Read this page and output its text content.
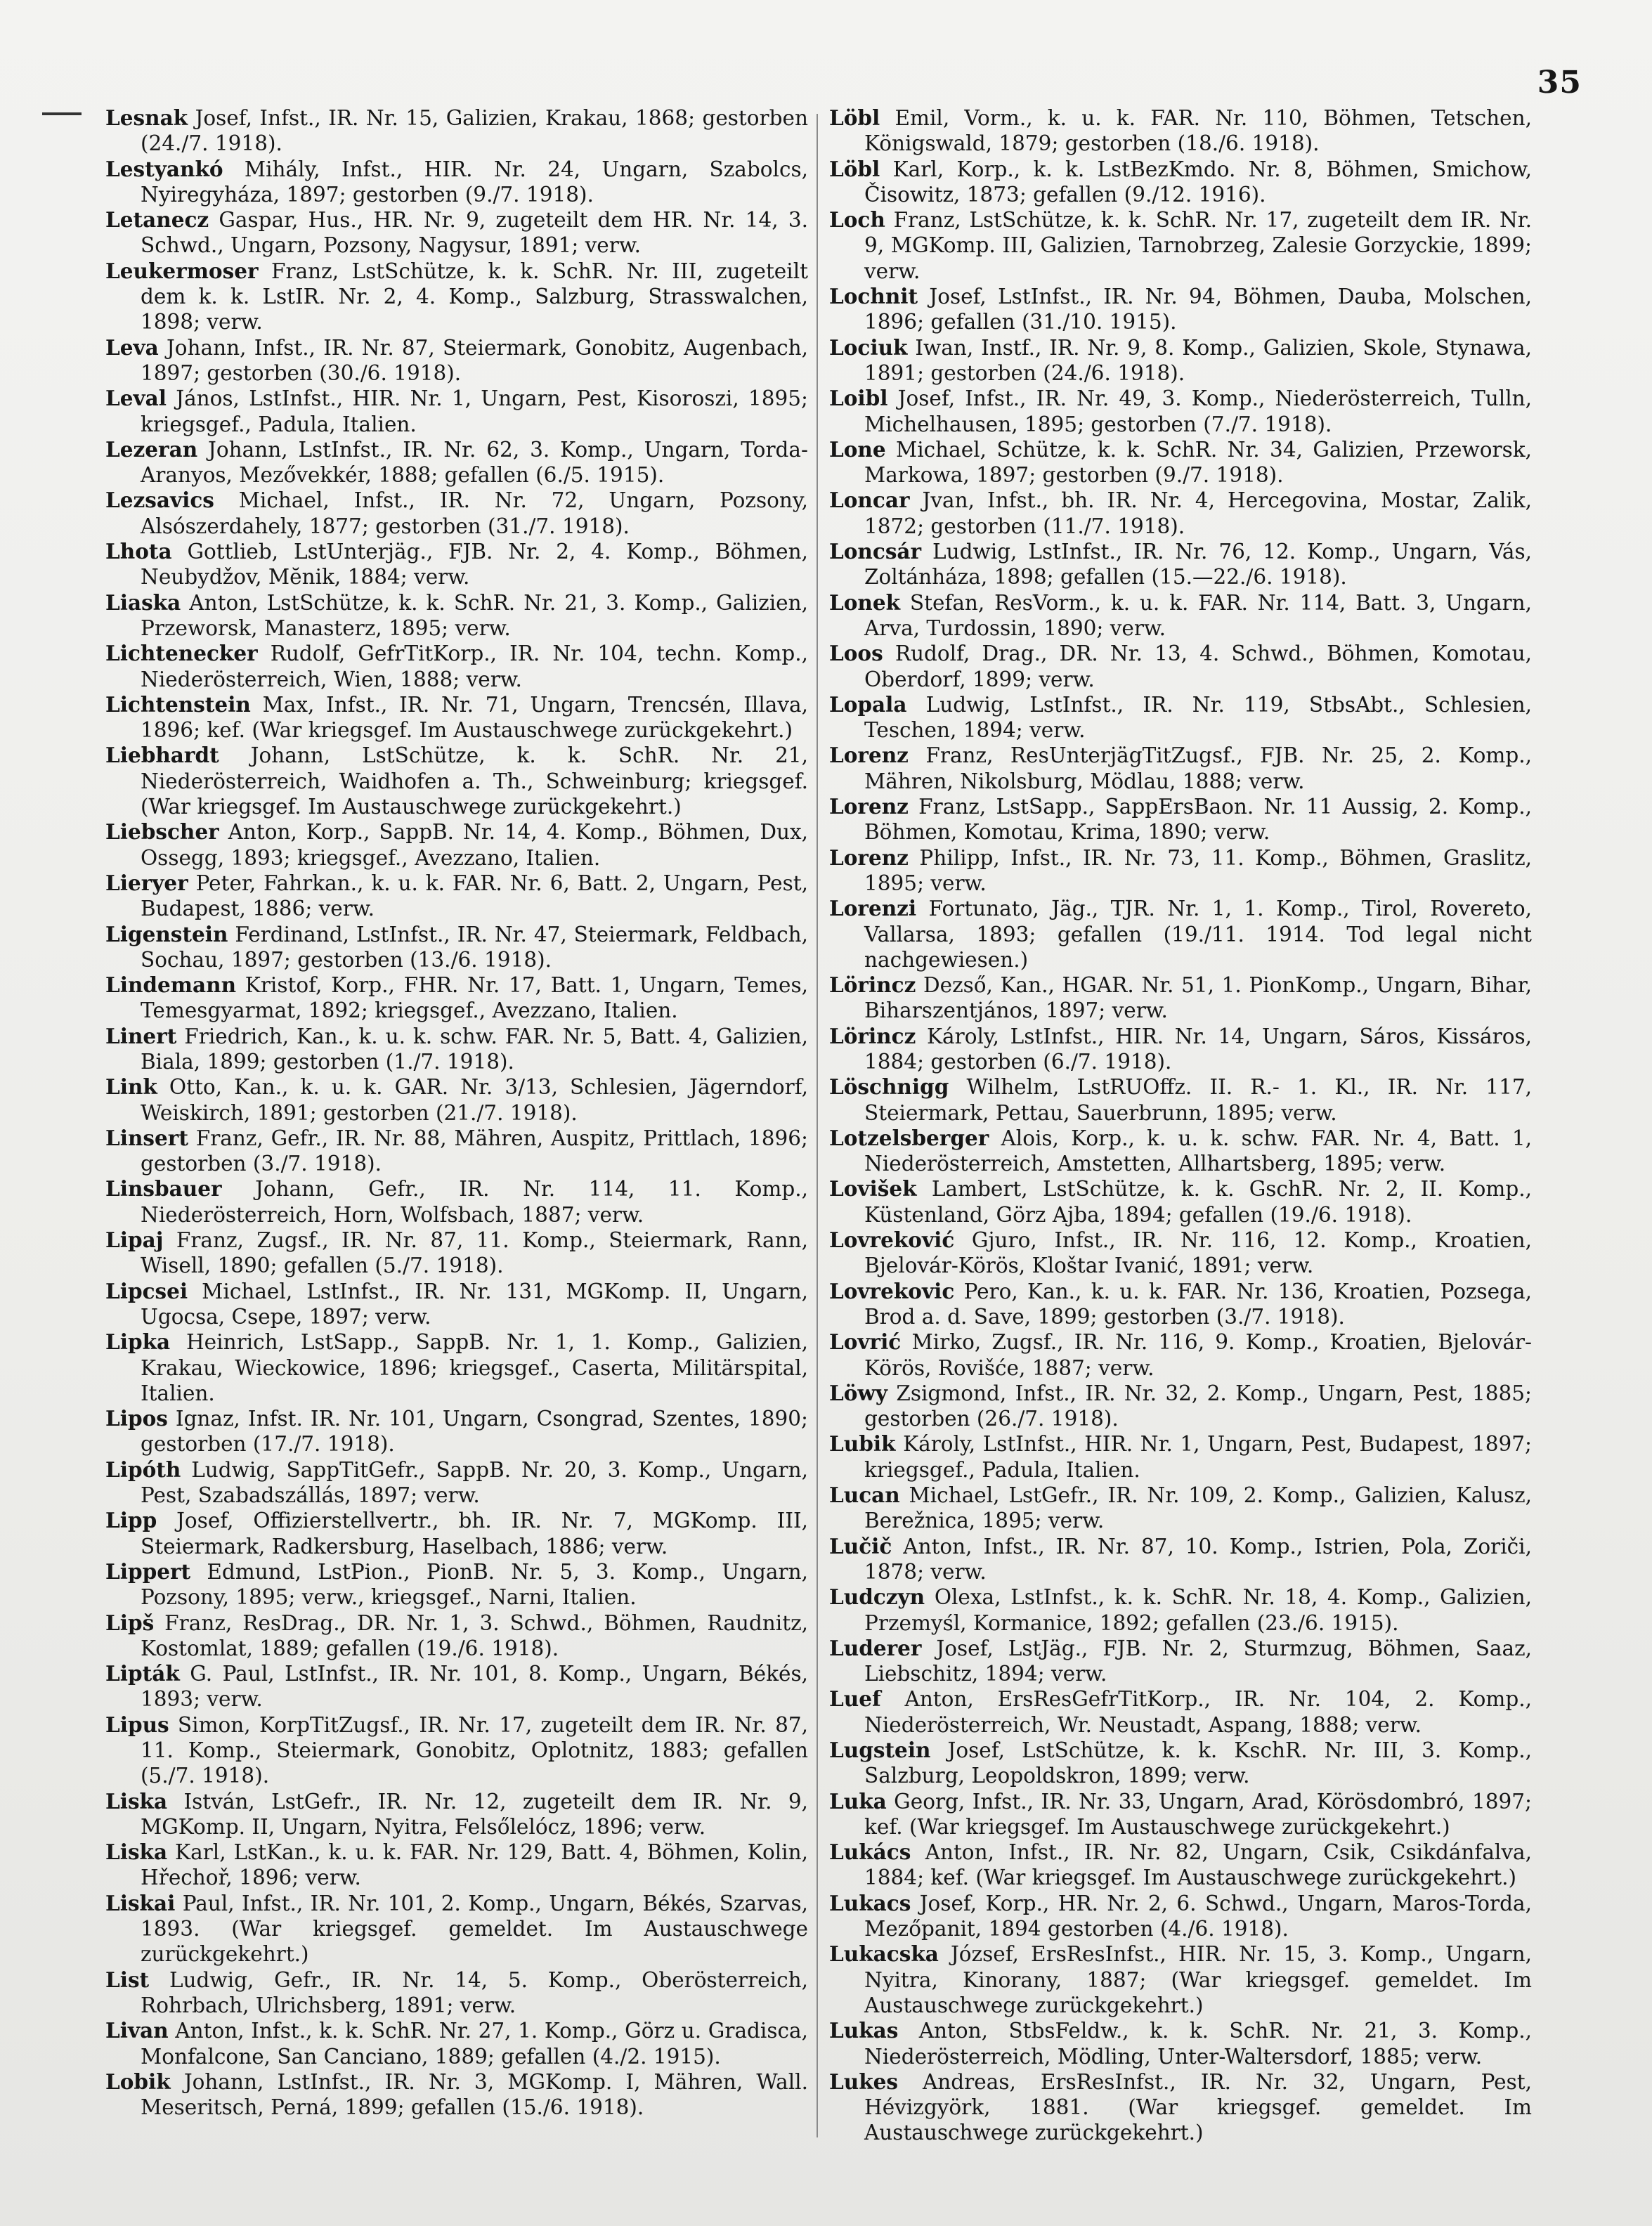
35

Lesnak Josef, Infst., IR. Nr. 15, Galizien, Krakau, 1868; gestorben (24./7. 1918).

Lestyankó Mihály, Infst., HIR. Nr. 24, Ungarn, Szabolcs, Nyiregyháza, 1897; gestorben (9./7. 1918).

Letanecz Gaspar, Hus., HR. Nr. 9, zugeteilt dem HR. Nr. 14, 3. Schwd., Ungarn, Pozsony, Nagysur, 1891; verw.

Leukermoser Franz, LstSchütze, k. k. SchR. Nr. III, zugeteilt dem k. k. LstIR. Nr. 2, 4. Komp., Salzburg, Strasswalchen, 1898; verw.

Leva Johann, Infst., IR. Nr. 87, Steiermark, Gonobitz, Augenbach, 1897; gestorben (30./6. 1918).

Leval János, LstInfst., HIR. Nr. 1, Ungarn, Pest, Kisoroszi, 1895; kriegsgef., Padula, Italien.

Lezeran Johann, LstInfst., IR. Nr. 62, 3. Komp., Ungarn, Torda-Aranyos, Mezővekkér, 1888; gefallen (6./5. 1915).

Lezsavics Michael, Infst., IR. Nr. 72, Ungarn, Pozsony, Alsószerdahely, 1877; gestorben (31./7. 1918).

Lhota Gottlieb, LstUnterjäg., FJB. Nr. 2, 4. Komp., Böhmen, Neubydžov, Mĕnik, 1884; verw.

Liaska Anton, LstSchütze, k. k. SchR. Nr. 21, 3. Komp., Galizien, Przeworsk, Manasterz, 1895; verw.

Lichtenecker Rudolf, GefrTitKorp., IR. Nr. 104, techn. Komp., Niederösterreich, Wien, 1888; verw.

Lichtenstein Max, Infst., IR. Nr. 71, Ungarn, Trencsén, Illava, 1896; kef. (War kriegsgef. Im Austauschwege zurückgekehrt.)

Liebhardt Johann, LstSchütze, k. k. SchR. Nr. 21, Niederösterreich, Waidhofen a. Th., Schweinburg; kriegsgef. (War kriegsgef. Im Austauschwege zurückgekehrt.)

Liebscher Anton, Korp., SappB. Nr. 14, 4. Komp., Böhmen, Dux, Ossegg, 1893; kriegsgef., Avezzano, Italien.

Lieryer Peter, Fahrkan., k. u. k. FAR. Nr. 6, Batt. 2, Ungarn, Pest, Budapest, 1886; verw.

Ligenstein Ferdinand, LstInfst., IR. Nr. 47, Steiermark, Feldbach, Sochau, 1897; gestorben (13./6. 1918).

Lindemann Kristof, Korp., FHR. Nr. 17, Batt. 1, Ungarn, Temes, Temesgyarmat, 1892; kriegsgef., Avezzano, Italien.

Linert Friedrich, Kan., k. u. k. schw. FAR. Nr. 5, Batt. 4, Galizien, Biala, 1899; gestorben (1./7. 1918).

Link Otto, Kan., k. u. k. GAR. Nr. 3/13, Schlesien, Jägerndorf, Weiskirch, 1891; gestorben (21./7. 1918).

Linsert Franz, Gefr., IR. Nr. 88, Mähren, Auspitz, Prittlach, 1896; gestorben (3./7. 1918).

Linsbauer Johann, Gefr., IR. Nr. 114, 11. Komp., Niederösterreich, Horn, Wolfsbach, 1887; verw.

Lipaj Franz, Zugsf., IR. Nr. 87, 11. Komp., Steiermark, Rann, Wisell, 1890; gefallen (5./7. 1918).

Lipcsei Michael, LstInfst., IR. Nr. 131, MGKomp. II, Ungarn, Ugocsa, Csepe, 1897; verw.

Lipka Heinrich, LstSapp., SappB. Nr. 1, 1. Komp., Galizien, Krakau, Wieckowice, 1896; kriegsgef., Caserta, Militärspital, Italien.

Lipos Ignaz, Infst. IR. Nr. 101, Ungarn, Csongrad, Szentes, 1890; gestorben (17./7. 1918).

Lipóth Ludwig, SappTitGefr., SappB. Nr. 20, 3. Komp., Ungarn, Pest, Szabadszállás, 1897; verw.

Lipp Josef, Offizierstellvertr., bh. IR. Nr. 7, MGKomp. III, Steiermark, Radkersburg, Haselbach, 1886; verw.

Lippert Edmund, LstPion., PionB. Nr. 5, 3. Komp., Ungarn, Pozsony, 1895; verw., kriegsgef., Narni, Italien.

Lipš Franz, ResDrag., DR. Nr. 1, 3. Schwd., Böhmen, Raudnitz, Kostomlat, 1889; gefallen (19./6. 1918).

Lipták G. Paul, LstInfst., IR. Nr. 101, 8. Komp., Ungarn, Békés, 1893; verw.

Lipus Simon, KorpTitZugsf., IR. Nr. 17, zugeteilt dem IR. Nr. 87, 11. Komp., Steiermark, Gonobitz, Oplotnitz, 1883; gefallen (5./7. 1918).

Liska István, LstGefr., IR. Nr. 12, zugeteilt dem IR. Nr. 9, MGKomp. II, Ungarn, Nyitra, Felsőlelócz, 1896; verw.

Liska Karl, LstKan., k. u. k. FAR. Nr. 129, Batt. 4, Böhmen, Kolin, Hřechoř, 1896; verw.

Liskai Paul, Infst., IR. Nr. 101, 2. Komp., Ungarn, Békés, Szarvas, 1893. (War kriegsgef. gemeldet. Im Austauschwege zurückgekehrt.)

List Ludwig, Gefr., IR. Nr. 14, 5. Komp., Oberösterreich, Rohrbach, Ulrichsberg, 1891; verw.

Livan Anton, Infst., k. k. SchR. Nr. 27, 1. Komp., Görz u. Gradisca, Monfalcone, San Canciano, 1889; gefallen (4./2. 1915).

Lobik Johann, LstInfst., IR. Nr. 3, MGKomp. I, Mähren, Wall. Meseritsch, Perná, 1899; gefallen (15./6. 1918).

Löbl Emil, Vorm., k. u. k. FAR. Nr. 110, Böhmen, Tetschen, Königswald, 1879; gestorben (18./6. 1918).

Löbl Karl, Korp., k. k. LstBezKmdo. Nr. 8, Böhmen, Smichow, Čisowitz, 1873; gefallen (9./12. 1916).

Loch Franz, LstSchütze, k. k. SchR. Nr. 17, zugeteilt dem IR. Nr. 9, MGKomp. III, Galizien, Tarnobrzeg, Zalesie Gorzyckie, 1899; verw.

Lochnit Josef, LstInfst., IR. Nr. 94, Böhmen, Dauba, Molschen, 1896; gefallen (31./10. 1915).

Lociuk Iwan, Instf., IR. Nr. 9, 8. Komp., Galizien, Skole, Stynawa, 1891; gestorben (24./6. 1918).

Loibl Josef, Infst., IR. Nr. 49, 3. Komp., Niederösterreich, Tulln, Michelhausen, 1895; gestorben (7./7. 1918).

Lone Michael, Schütze, k. k. SchR. Nr. 34, Galizien, Przeworsk, Markowa, 1897; gestorben (9./7. 1918).

Loncar Jvan, Infst., bh. IR. Nr. 4, Hercegovina, Mostar, Zalik, 1872; gestorben (11./7. 1918).

Loncsár Ludwig, LstInfst., IR. Nr. 76, 12. Komp., Ungarn, Vás, Zoltánháza, 1898; gefallen (15.—22./6. 1918).

Lonek Stefan, ResVorm., k. u. k. FAR. Nr. 114, Batt. 3, Ungarn, Arva, Turdossin, 1890; verw.

Loos Rudolf, Drag., DR. Nr. 13, 4. Schwd., Böhmen, Komotau, Oberdorf, 1899; verw.

Lopala Ludwig, LstInfst., IR. Nr. 119, StbsAbt., Schlesien, Teschen, 1894; verw.

Lorenz Franz, ResUnterjägTitZugsf., FJB. Nr. 25, 2. Komp., Mähren, Nikolsburg, Mödlau, 1888; verw.

Lorenz Franz, LstSapp., SappErsBaon. Nr. 11 Aussig, 2. Komp., Böhmen, Komotau, Krima, 1890; verw.

Lorenz Philipp, Infst., IR. Nr. 73, 11. Komp., Böhmen, Graslitz, 1895; verw.

Lorenzi Fortunato, Jäg., TJR. Nr. 1, 1. Komp., Tirol, Rovereto, Vallarsa, 1893; gefallen (19./11. 1914. Tod legal nicht nachgewiesen.)

Lörincz Dezső, Kan., HGAR. Nr. 51, 1. PionKomp., Ungarn, Bihar, Biharszentjános, 1897; verw.

Lörincz Károly, LstInfst., HIR. Nr. 14, Ungarn, Sáros, Kissáros, 1884; gestorben (6./7. 1918).

Löschnigg Wilhelm, LstRUOffz. II. R.- 1. Kl., IR. Nr. 117, Steiermark, Pettau, Sauerbrunn, 1895; verw.

Lotzelsberger Alois, Korp., k. u. k. schw. FAR. Nr. 4, Batt. 1, Niederösterreich, Amstetten, Allhartsberg, 1895; verw.

Lovišek Lambert, LstSchütze, k. k. GschR. Nr. 2, II. Komp., Küstenland, Görz Ajba, 1894; gefallen (19./6. 1918).

Lovreković Gjuro, Infst., IR. Nr. 116, 12. Komp., Kroatien, Bjelovár-Körös, Kloštar Ivanić, 1891; verw.

Lovrekovic Pero, Kan., k. u. k. FAR. Nr. 136, Kroatien, Pozsega, Brod a. d. Save, 1899; gestorben (3./7. 1918).

Lovrić Mirko, Zugsf., IR. Nr. 116, 9. Komp., Kroatien, Bjelovár-Körös, Rovišće, 1887; verw.

Löwy Zsigmond, Infst., IR. Nr. 32, 2. Komp., Ungarn, Pest, 1885; gestorben (26./7. 1918).

Lubik Károly, LstInfst., HIR. Nr. 1, Ungarn, Pest, Budapest, 1897; kriegsgef., Padula, Italien.

Lucan Michael, LstGefr., IR. Nr. 109, 2. Komp., Galizien, Kalusz, Berežnica, 1895; verw.

Lučič Anton, Infst., IR. Nr. 87, 10. Komp., Istrien, Pola, Zoriči, 1878; verw.

Ludczyn Olexa, LstInfst., k. k. SchR. Nr. 18, 4. Komp., Galizien, Przemyśl, Kormanice, 1892; gefallen (23./6. 1915).

Luderer Josef, LstJäg., FJB. Nr. 2, Sturmzug, Böhmen, Saaz, Liebschitz, 1894; verw.

Luef Anton, ErsResGefrTitKorp., IR. Nr. 104, 2. Komp., Niederösterreich, Wr. Neustadt, Aspang, 1888; verw.

Lugstein Josef, LstSchütze, k. k. KschR. Nr. III, 3. Komp., Salzburg, Leopoldskron, 1899; verw.

Luka Georg, Infst., IR. Nr. 33, Ungarn, Arad, Körösdombró, 1897; kef. (War kriegsgef. Im Austauschwege zurückgekehrt.)

Lukács Anton, Infst., IR. Nr. 82, Ungarn, Csik, Csikdánfalva, 1884; kef. (War kriegsgef. Im Austauschwege zurückgekehrt.)

Lukacs Josef, Korp., HR. Nr. 2, 6. Schwd., Ungarn, Maros-Torda, Mezőpanit, 1894 gestorben (4./6. 1918).

Lukacska József, ErsResInfst., HIR. Nr. 15, 3. Komp., Ungarn, Nyitra, Kinorany, 1887; (War kriegsgef. gemeldet. Im Austauschwege zurückgekehrt.)

Lukas Anton, StbsFeldw., k. k. SchR. Nr. 21, 3. Komp., Niederösterreich, Mödling, Unter-Waltersdorf, 1885; verw.

Lukes Andreas, ErsResInfst., IR. Nr. 32, Ungarn, Pest, Hévizgyörk, 1881. (War kriegsgef. gemeldet. Im Austauschwege zurückgekehrt.)
